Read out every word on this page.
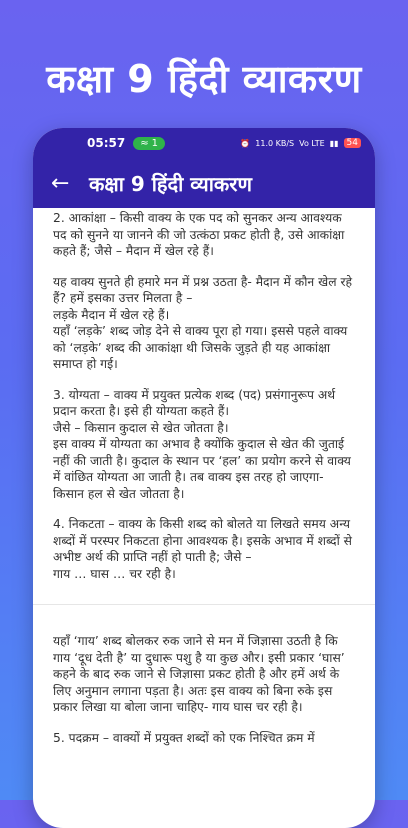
कक्षा 9 हिंदी व्याकरण
05:57 ≈ 1	⏰ 11.0 KB/S Vo LTE ▮▮ 54
← कक्षा 9 हिंदी व्याकरण

2. आकांक्षा – किसी वाक्य के एक पद को सुनकर अन्य आवश्यक पद को सुनने या जानने की जो उत्कंठा प्रकट होती है, उसे आकांक्षा कहते हैं; जैसे – मैदान में खेल रहे हैं।

यह वाक्य सुनते ही हमारे मन में प्रश्न उठता है- मैदान में कौन खेल रहे हैं? हमें इसका उत्तर मिलता है –
लड़के मैदान में खेल रहे हैं।
यहाँ ‘लड़के’ शब्द जोड़ देने से वाक्य पूरा हो गया। इससे पहले वाक्य को ‘लड़के’ शब्द की आकांक्षा थी जिसके जुड़ते ही यह आकांक्षा समाप्त हो गई।

3. योग्यता – वाक्य में प्रयुक्त प्रत्येक शब्द (पद) प्रसंगानुरूप अर्थ प्रदान करता है। इसे ही योग्यता कहते हैं।
जैसे – किसान कुदाल से खेत जोतता है।
इस वाक्य में योग्यता का अभाव है क्योंकि कुदाल से खेत की जुताई नहीं की जाती है। कुदाल के स्थान पर ‘हल’ का प्रयोग करने से वाक्य में वांछित योग्यता आ जाती है। तब वाक्य इस तरह हो जाएगा- किसान हल से खेत जोतता है।

4. निकटता – वाक्य के किसी शब्द को बोलते या लिखते समय अन्य शब्दों में परस्पर निकटता होना आवश्यक है। इसके अभाव में शब्दों से अभीष्ट अर्थ की प्राप्ति नहीं हो पाती है; जैसे –
गाय … घास … चर रही है।

यहाँ ‘गाय’ शब्द बोलकर रुक जाने से मन में जिज्ञासा उठती है कि गाय ‘दूध देती है’ या दुधारू पशु है या कुछ और। इसी प्रकार ‘घास’ कहने के बाद रुक जाने से जिज्ञासा प्रकट होती है और हमें अर्थ के लिए अनुमान लगाना पड़ता है। अतः इस वाक्य को बिना रुके इस प्रकार लिखा या बोला जाना चाहिए- गाय घास चर रही है।

5. पदक्रम – वाक्यों में प्रयुक्त शब्दों को एक निश्चित क्रम में
